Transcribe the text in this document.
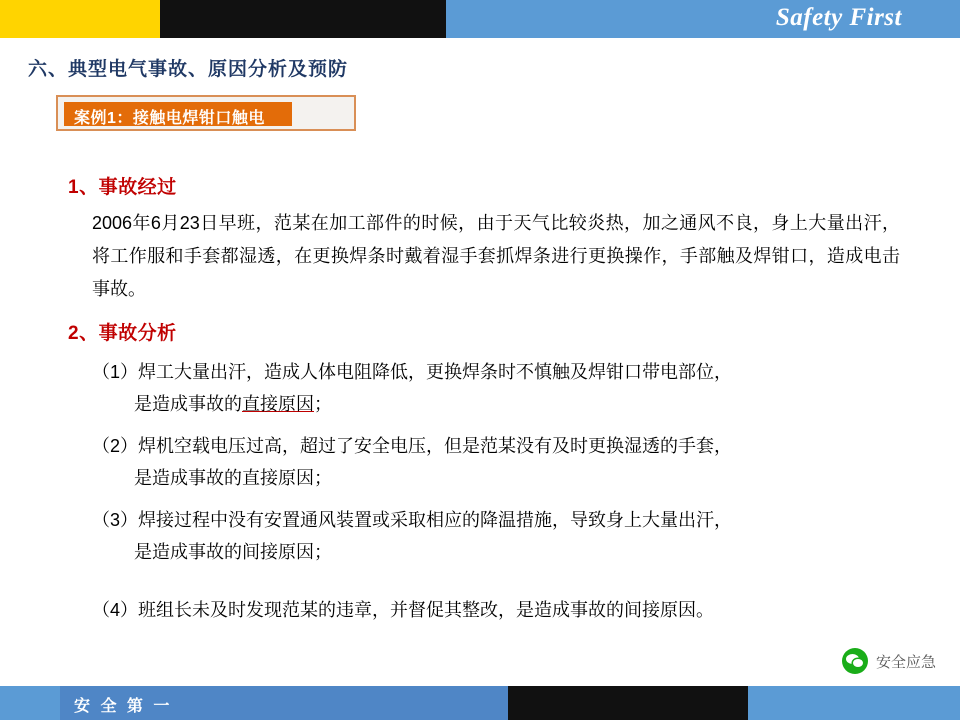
Safety First
六、典型电气事故、原因分析及预防
案例1：接触电焊钳口触电
1、事故经过
2006年6月23日早班，范某在加工部件的时候，由于天气比较炎热，加之通风不良，身上大量出汗，将工作服和手套都湿透，在更换焊条时戴着湿手套抓焊条进行更换操作，手部触及焊钳口，造成电击事故。
2、事故分析
（1）焊工大量出汗，造成人体电阻降低，更换焊条时不慎触及焊钳口带电部位，
是造成事故的直接原因；
（2）焊机空载电压过高，超过了安全电压，但是范某没有及时更换湿透的手套，
是造成事故的直接原因；
（3）焊接过程中没有安置通风装置或采取相应的降温措施，导致身上大量出汗，
是造成事故的间接原因；
（4）班组长未及时发现范某的违章，并督促其整改，是造成事故的间接原因。
安全应急
安 全 第 一
